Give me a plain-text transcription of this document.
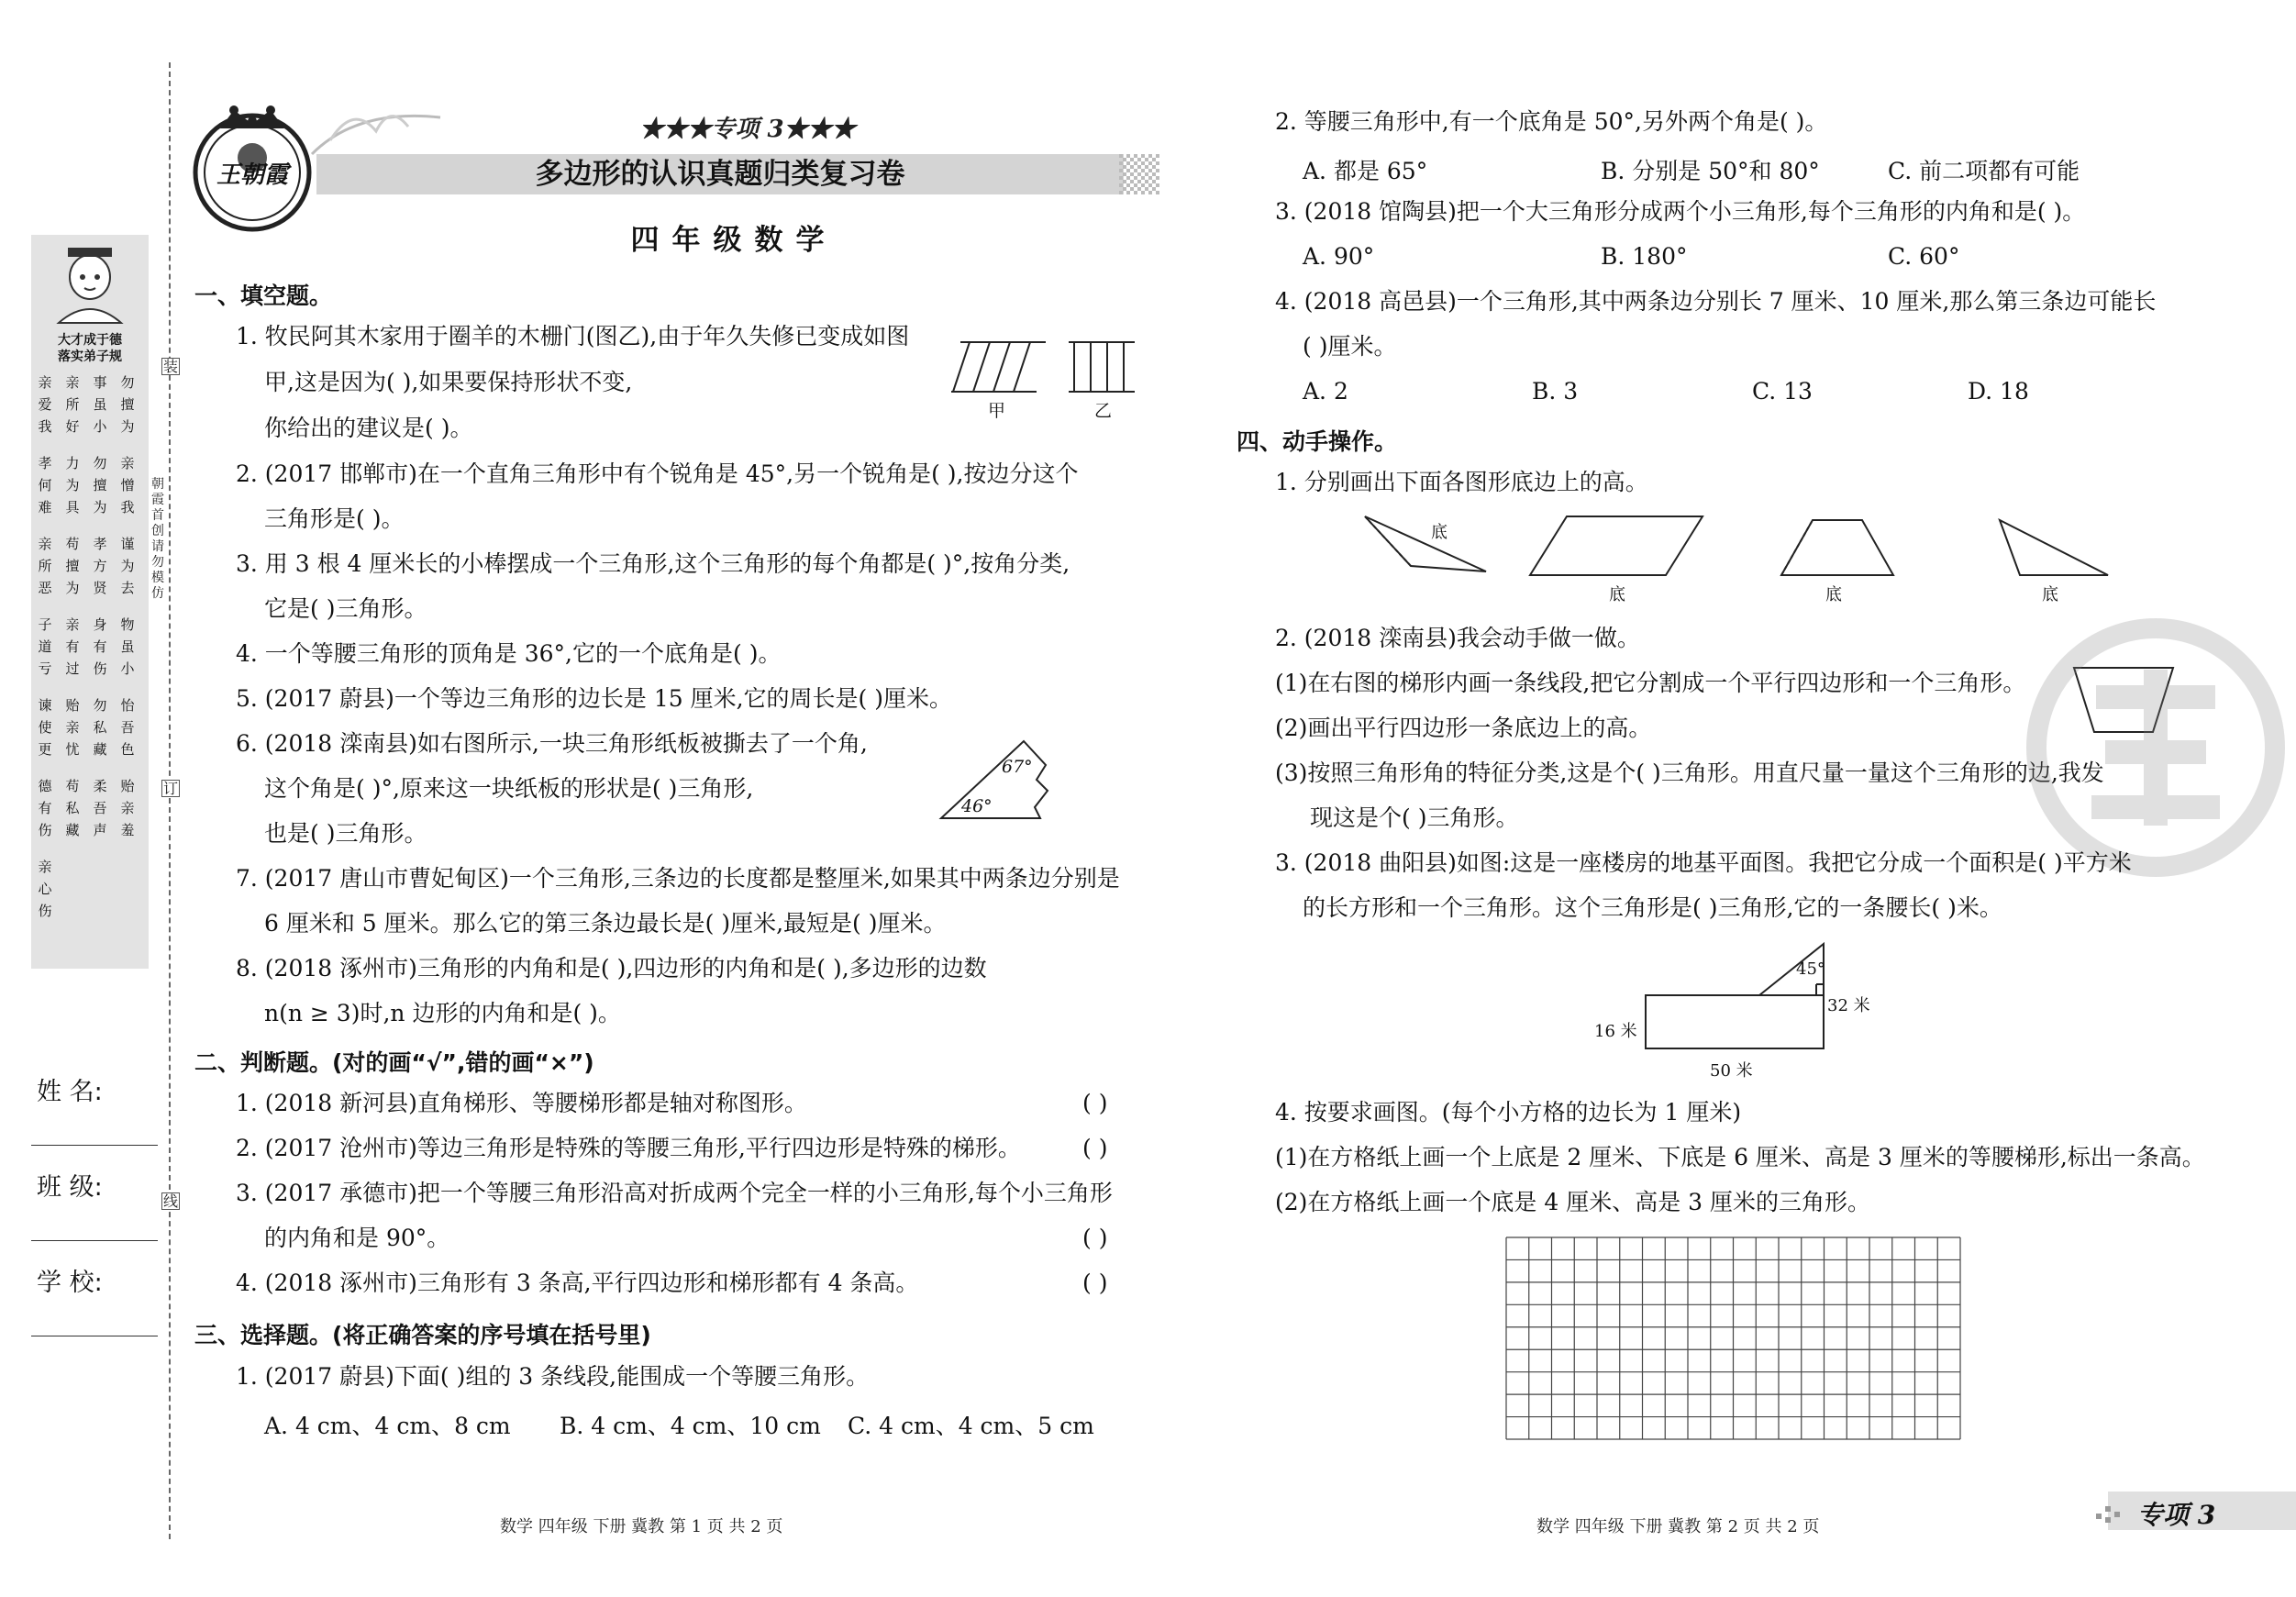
大才成于德
落实弟子规
亲爱我
亲所好
事虽小
勿擅为
孝何难
力为具
勿擅为
亲憎我
亲所恶
苟擅为
孝方贤
谨为去
子道亏
亲有过
身有伤
物虽小
谏使更
贻亲忧
勿私藏
怡吾色
德有伤
苟私藏
柔吾声
贻亲羞
亲心伤
姓 名:
班 级:
学 校:
装
订
线
朝霞首创 请勿模仿
王朝霞
★★★专项 3★★★
多边形的认识真题归类复习卷
四年级数学
一、填空题。
1. 牧民阿其木家用于圈羊的木栅门(图乙),由于年久失修已变成如图
甲,这是因为( ),如果要保持形状不变,
你给出的建议是( )。
甲	乙
2. (2017 邯郸市)在一个直角三角形中有个锐角是 45°,另一个锐角是( ),按边分这个
三角形是( )。
3. 用 3 根 4 厘米长的小棒摆成一个三角形,这个三角形的每个角都是( )°,按角分类,
它是( )三角形。
4. 一个等腰三角形的顶角是 36°,它的一个底角是( )。
5. (2017 蔚县)一个等边三角形的边长是 15 厘米,它的周长是( )厘米。
6. (2018 滦南县)如右图所示,一块三角形纸板被撕去了一个角,
这个角是( )°,原来这一块纸板的形状是( )三角形,
也是( )三角形。
67°
46°
7. (2017 唐山市曹妃甸区)一个三角形,三条边的长度都是整厘米,如果其中两条边分别是
6 厘米和 5 厘米。那么它的第三条边最长是( )厘米,最短是( )厘米。
8. (2018 涿州市)三角形的内角和是( ),四边形的内角和是( ),多边形的边数
n(n ≥ 3)时,n 边形的内角和是( )。
二、判断题。(对的画“√”,错的画“×”)
1. (2018 新河县)直角梯形、等腰梯形都是轴对称图形。	( )
2. (2017 沧州市)等边三角形是特殊的等腰三角形,平行四边形是特殊的梯形。	( )
3. (2017 承德市)把一个等腰三角形沿高对折成两个完全一样的小三角形,每个小三角形
的内角和是 90°。	( )
4. (2018 涿州市)三角形有 3 条高,平行四边形和梯形都有 4 条高。	( )
三、选择题。(将正确答案的序号填在括号里)
1. (2017 蔚县)下面( )组的 3 条线段,能围成一个等腰三角形。
A. 4 cm、4 cm、8 cm B. 4 cm、4 cm、10 cm C. 4 cm、4 cm、5 cm
数学 四年级 下册 冀教 第 1 页 共 2 页
2. 等腰三角形中,有一个底角是 50°,另外两个角是( )。
A. 都是 65°	B. 分别是 50°和 80°	C. 前二项都有可能
3. (2018 馆陶县)把一个大三角形分成两个小三角形,每个三角形的内角和是( )。
A. 90°	B. 180°	C. 60°
4. (2018 高邑县)一个三角形,其中两条边分别长 7 厘米、10 厘米,那么第三条边可能长
( )厘米。
A. 2	B. 3	C. 13	D. 18
四、动手操作。
1. 分别画出下面各图形底边上的高。
底
底	底	底
2. (2018 滦南县)我会动手做一做。
(1)在右图的梯形内画一条线段,把它分割成一个平行四边形和一个三角形。
(2)画出平行四边形一条底边上的高。
(3)按照三角形角的特征分类,这是个( )三角形。用直尺量一量这个三角形的边,我发
现这是个( )三角形。
3. (2018 曲阳县)如图:这是一座楼房的地基平面图。我把它分成一个面积是( )平方米
的长方形和一个三角形。这个三角形是( )三角形,它的一条腰长( )米。
45°
32 米
16 米
50 米
4. 按要求画图。(每个小方格的边长为 1 厘米)
(1)在方格纸上画一个上底是 2 厘米、下底是 6 厘米、高是 3 厘米的等腰梯形,标出一条高。
(2)在方格纸上画一个底是 4 厘米、高是 3 厘米的三角形。
数学 四年级 下册 冀教 第 2 页 共 2 页	专项 3
